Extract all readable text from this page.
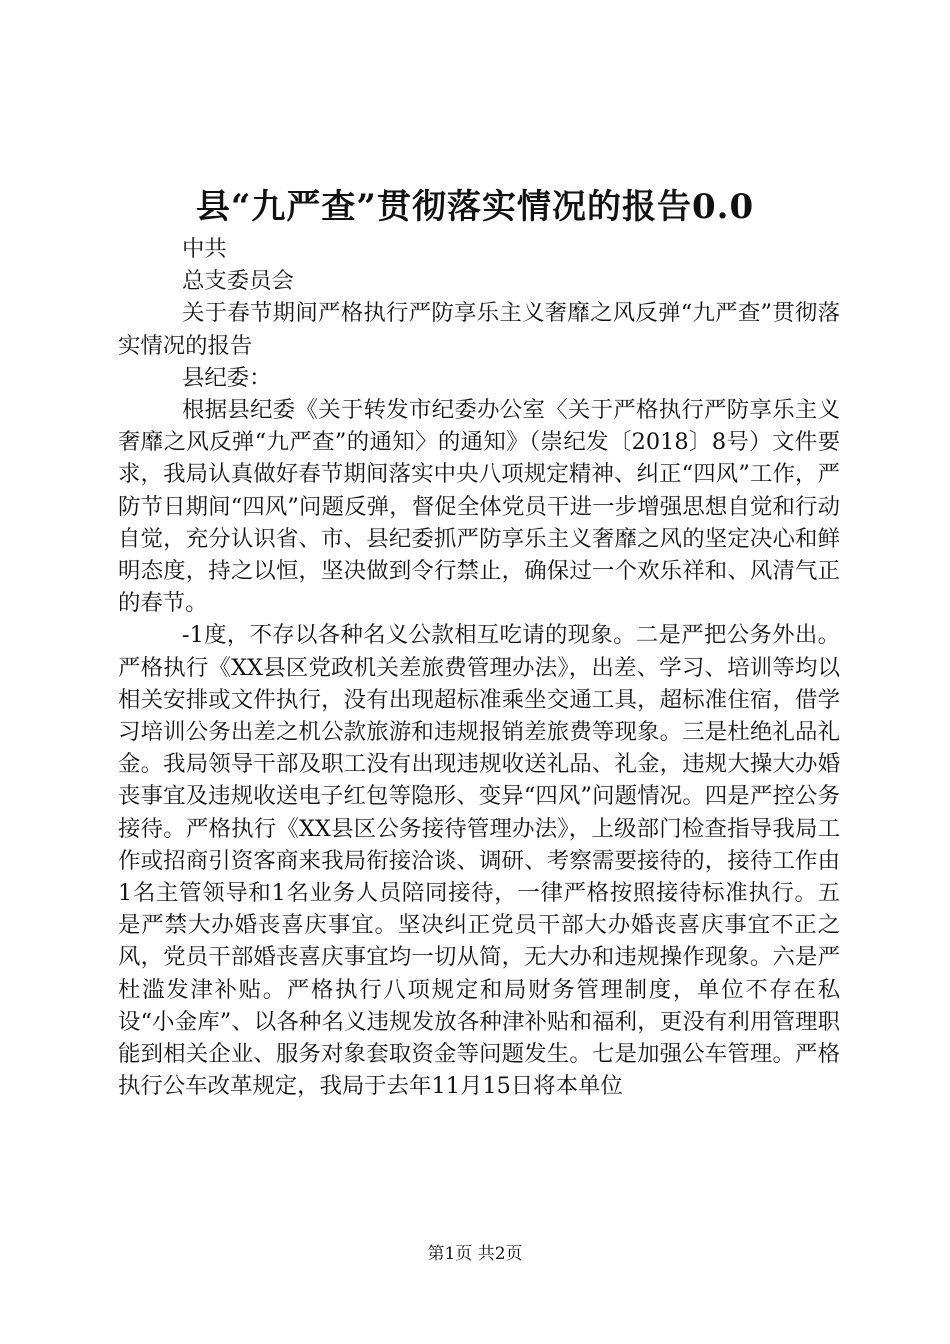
县“九严查”贯彻落实情况的报告0.0

中共

总支委员会

关于春节期间严格执行严防享乐主义奢靡之风反弹“九严查”贯彻落实情况的报告

县纪委：

根据县纪委《关于转发市纪委办公室〈关于严格执行严防享乐主义奢靡之风反弹“九严查”的通知〉的通知》（崇纪发〔2018〕8号）文件要求，我局认真做好春节期间落实中央八项规定精神、纠正“四风”工作，严防节日期间“四风”问题反弹，督促全体党员干进一步增强思想自觉和行动自觉，充分认识省、市、县纪委抓严防享乐主义奢靡之风的坚定决心和鲜明态度，持之以恒，坚决做到令行禁止，确保过一个欢乐祥和、风清气正的春节。

-1度，不存以各种名义公款相互吃请的现象。二是严把公务外出。严格执行《XX县区党政机关差旅费管理办法》，出差、学习、培训等均以相关安排或文件执行，没有出现超标准乘坐交通工具，超标准住宿，借学习培训公务出差之机公款旅游和违规报销差旅费等现象。三是杜绝礼品礼金。我局领导干部及职工没有出现违规收送礼品、礼金，违规大操大办婚丧事宜及违规收送电子红包等隐形、变异“四风”问题情况。四是严控公务接待。严格执行《XX县区公务接待管理办法》，上级部门检查指导我局工作或招商引资客商来我局衔接洽谈、调研、考察需要接待的，接待工作由1名主管领导和1名业务人员陪同接待，一律严格按照接待标准执行。五是严禁大办婚丧喜庆事宜。坚决纠正党员干部大办婚丧喜庆事宜不正之风，党员干部婚丧喜庆事宜均一切从简，无大办和违规操作现象。六是严杜滥发津补贴。严格执行八项规定和局财务管理制度，单位不存在私设“小金库”、以各种名义违规发放各种津补贴和福利，更没有利用管理职能到相关企业、服务对象套取资金等问题发生。七是加强公车管理。严格执行公车改革规定，我局于去年11月15日将本单位

第1页 共2页
